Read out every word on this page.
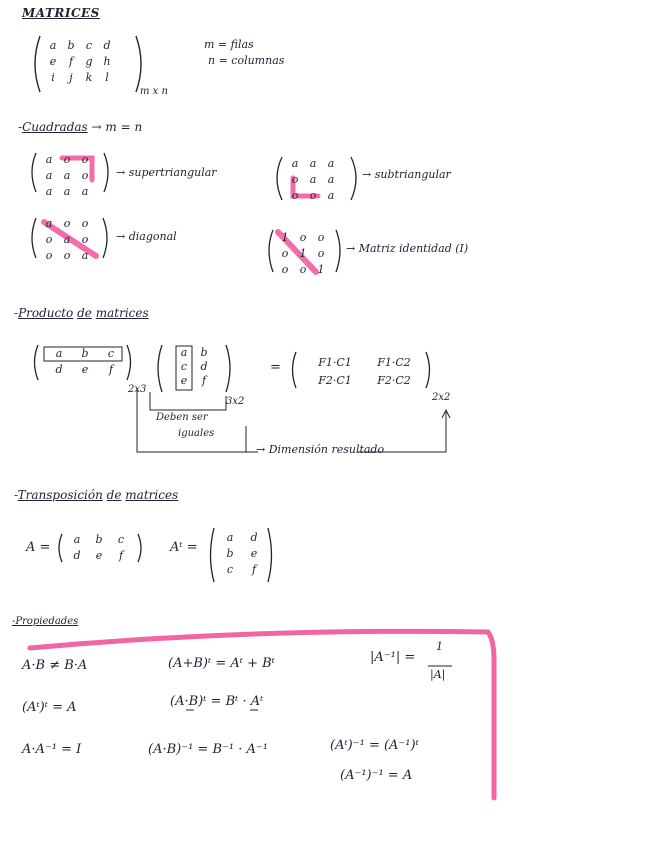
MATRICES
a b c d
e f g h
i j k l
m x n
m = filas
n = columnas
-Cuadradas → m = n
a o o
a a o
a a a
→ supertriangular
a a a
o a a
o o a
→ subtriangular
a o o
o a o
o o a
→ diagonal	1 o o
o 1 o
o o 1
→ Matriz identidad (I)
-Producto de matrices
a b c
d e f
2x3
a b
c d
e f
3x2
=	F1·C1 F1·C2
F2·C1 F2·C2
2x2
Deben ser
iguales
→ Dimensión resultado
-Transposición de matrices
A =
a b c
d e f
Aᵗ =
a d
b e
c f
-Propiedades
A·B ≠ B·A	(A+B)ᵗ = Aᵗ + Bᵗ	|A⁻¹| =
1
|A|
(Aᵗ)ᵗ = A	(A·B)ᵗ = Bᵗ · Aᵗ
A·A⁻¹ = I	(A·B)⁻¹ = B⁻¹ · A⁻¹	(Aᵗ)⁻¹ = (A⁻¹)ᵗ
(A⁻¹)⁻¹ = A
